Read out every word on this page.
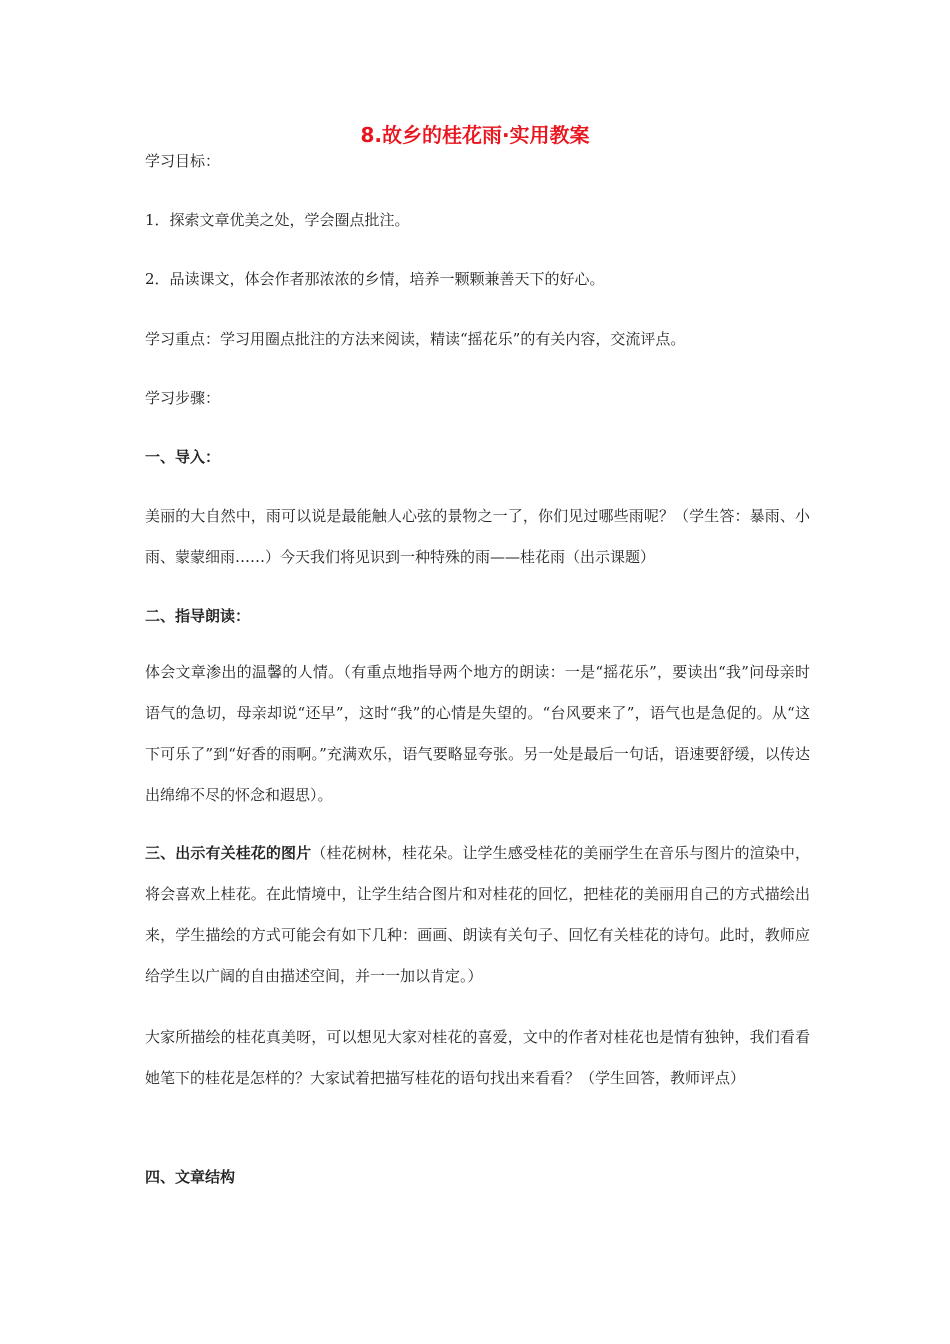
8.故乡的桂花雨·实用教案

学习目标：

1．探索文章优美之处，学会圈点批注。

2．品读课文，体会作者那浓浓的乡情，培养一颗颗兼善天下的好心。

学习重点：学习用圈点批注的方法来阅读，精读“摇花乐”的有关内容，交流评点。

学习步骤：

一、导入：

美丽的大自然中，雨可以说是最能触人心弦的景物之一了，你们见过哪些雨呢？（学生答：暴雨、小雨、蒙蒙细雨……）今天我们将见识到一种特殊的雨——桂花雨（出示课题）

二、指导朗读：

体会文章渗出的温馨的人情。（有重点地指导两个地方的朗读：一是“摇花乐”，要读出“我”问母亲时语气的急切，母亲却说“还早”，这时“我”的心情是失望的。“台风要来了”，语气也是急促的。从“这下可乐了”到“好香的雨啊。”充满欢乐，语气要略显夸张。另一处是最后一句话，语速要舒缓，以传达出绵绵不尽的怀念和遐思）。

三、出示有关桂花的图片（桂花树林，桂花朵。让学生感受桂花的美丽学生在音乐与图片的渲染中，将会喜欢上桂花。在此情境中，让学生结合图片和对桂花的回忆，把桂花的美丽用自己的方式描绘出来，学生描绘的方式可能会有如下几种：画画、朗读有关句子、回忆有关桂花的诗句。此时，教师应给学生以广阔的自由描述空间，并一一加以肯定。）

大家所描绘的桂花真美呀，可以想见大家对桂花的喜爱，文中的作者对桂花也是情有独钟，我们看看她笔下的桂花是怎样的？大家试着把描写桂花的语句找出来看看？（学生回答，教师评点）

四、文章结构
